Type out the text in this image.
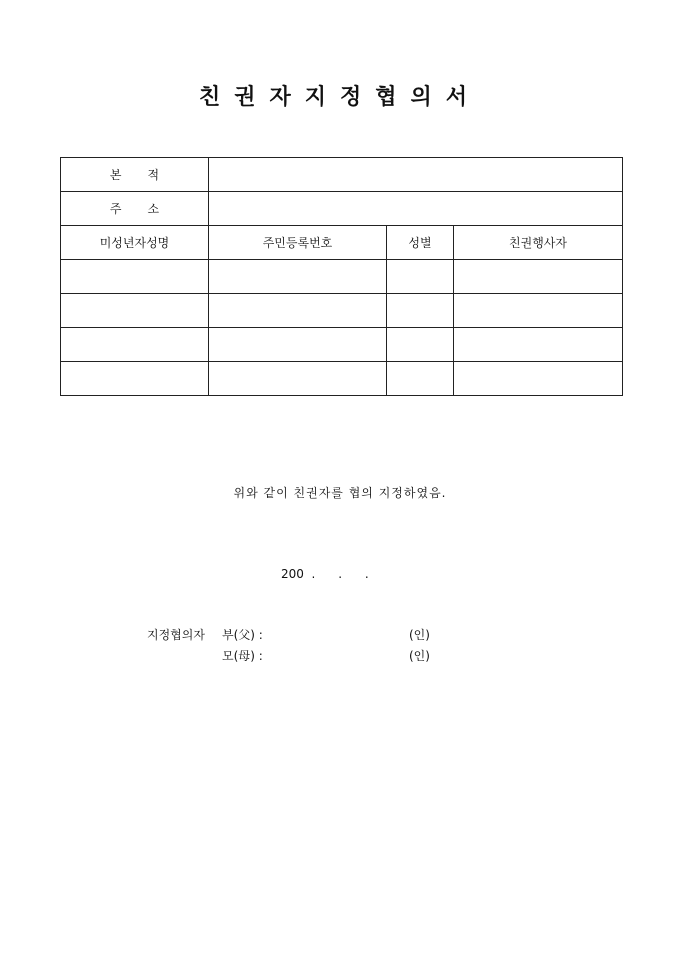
친권자지정협의서
본적			
주소			
미성년자성명	주민등록번호	성별	친권행사자

위와 같이 친권자를 협의 지정하였음.
200  .      .      .
지정협의자 부(父) :	(인)
모(母) :	(인)
